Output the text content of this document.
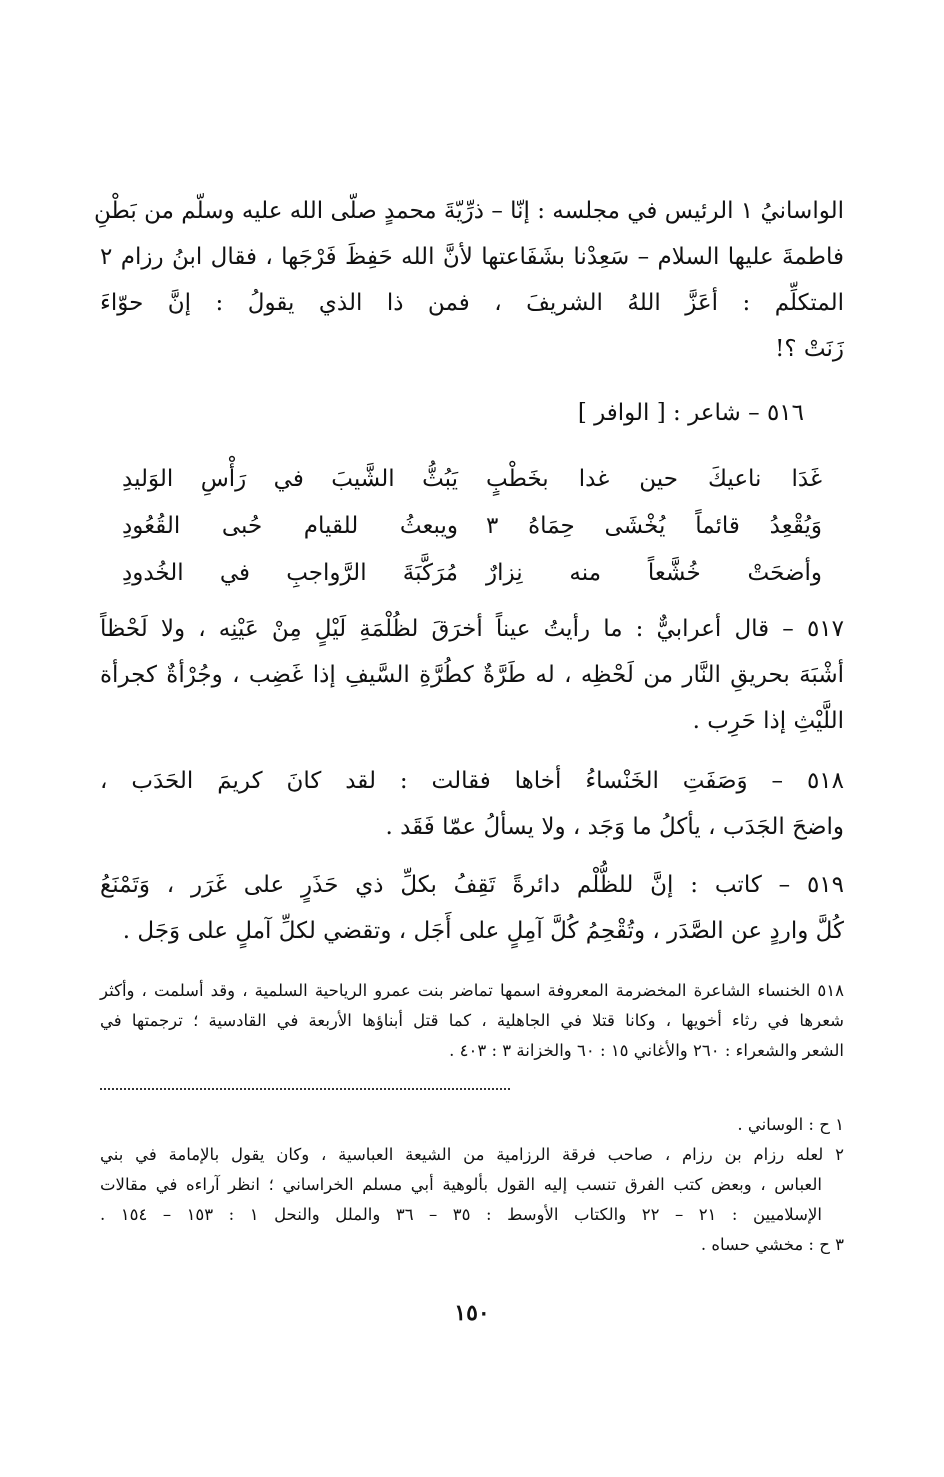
الواسانيُ ١ الرئيس في مجلسه : إنّا – ذرِّيّةَ محمدٍ صلّى الله عليه وسلّم من بَطْنِ
فاطمةَ عليها السلام – سَعِدْنا بشَفَاعتها لأنَّ الله حَفِظَ فَرْجَها ، فقال ابنُ رزام ٢
المتكلِّم : أعَزَّ اللهُ الشريفَ ، فمن ذا الذي يقولُ : إنَّ حوّاءَ
زَنَتْ ؟!
٥١٦ – شاعر : [ الوافر ]
غَدَا ناعيكَ حين غدا بخَطْبٍ
يَبُثُّ الشَّيبَ في رَأْسِ الوَليدِ
وَيُقْعِدُ قائماً يُخْشَى حِمَاهُ ٣
ويبعثُ للقيام حُبى القُعُودِ
وأضحَتْ خُشَّعاً منه نِزارٌ
مُرَكَّبَةَ الرَّواجبِ في الخُدودِ
٥١٧ – قال أعرابيٌّ : ما رأيتُ عيناً أخرَقَ لظُلْمَةِ لَيْلٍ مِنْ عَيْنِه ، ولا لَحْظاً
أشْبَهَ بحريقِ النَّار من لَحْظِه ، له طَرَّةٌ كطُرَّةِ السَّيفِ إذا غَضِب ، وجُرْأةٌ كجرأة
اللَّيْثِ إذا حَرِب .
٥١٨ – وَصَفَتِ الخَنْساءُ أخاها فقالت : لقد كانَ كريمَ الحَدَب ،
واضحَ الجَدَب ، يأكلُ ما وَجَد ، ولا يسألُ عمّا فَقَد .
٥١٩ – كاتب : إنَّ للظُّلْم دائرةً تَقِفُ بكلِّ ذي حَذَرٍ على غَرَر ، وَتَمْنَعُ
كُلَّ واردٍ عن الصَّدَر ، وتُقْحِمُ كُلَّ آمِلٍ على أَجَل ، وتقضي لكلِّ آملٍ على وَجَل .
٥١٨ الخنساء الشاعرة المخضرمة المعروفة اسمها تماضر بنت عمرو الرياحية السلمية ، وقد أسلمت ، وأكثر
شعرها في رثاء أخويها ، وكانا قتلا في الجاهلية ، كما قتل أبناؤها الأربعة في القادسية ؛ ترجمتها في
الشعر والشعراء : ٢٦٠ والأغاني ١٥ : ٦٠ والخزانة ٣ : ٤٠٣ .
١ ح : الوساني .
٢ لعله رزام بن رزام ، صاحب فرقة الرزامية من الشيعة العباسية ، وكان يقول بالإمامة في بني
العباس ، وبعض كتب الفرق تنسب إليه القول بألوهية أبي مسلم الخراساني ؛ انظر آراءه في مقالات
الإسلاميين : ٢١ – ٢٢ والكتاب الأوسط : ٣٥ – ٣٦ والملل والنحل ١ : ١٥٣ – ١٥٤ .
٣ ح : مخشي حساه .
١٥٠
